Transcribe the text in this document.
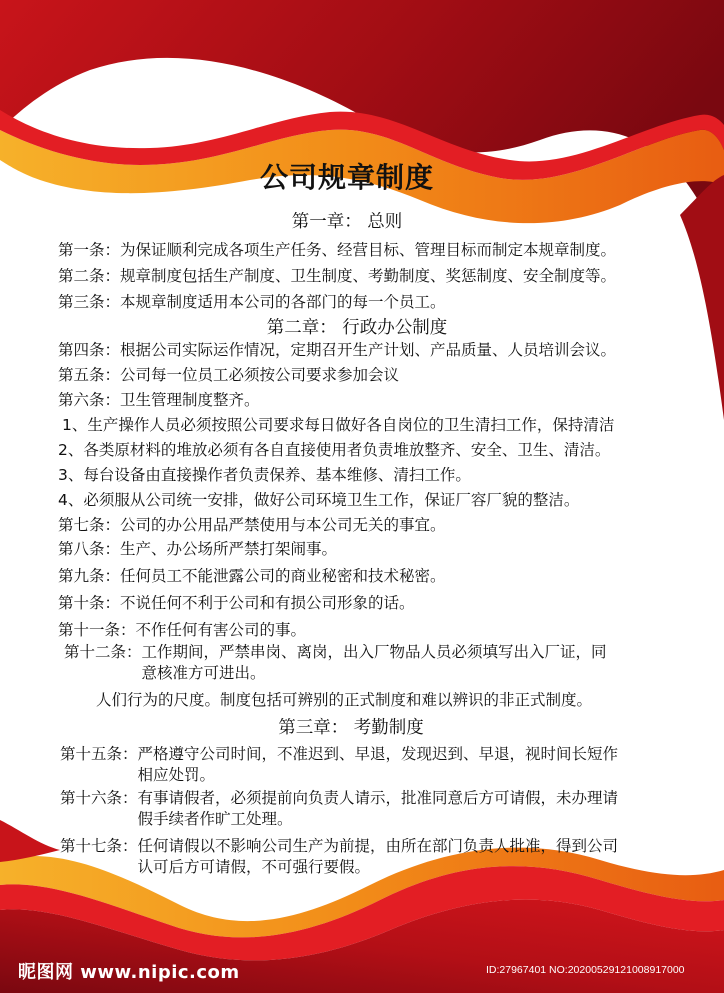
公司规章制度
第一章： 总则
第一条：为保证顺利完成各项生产任务、经营目标、管理目标而制定本规章制度。
第二条：规章制度包括生产制度、卫生制度、考勤制度、奖惩制度、安全制度等。
第三条：本规章制度适用本公司的各部门的每一个员工。
第二章： 行政办公制度
第四条：根据公司实际运作情况，定期召开生产计划、产品质量、人员培训会议。
第五条：公司每一位员工必须按公司要求参加会议
第六条：卫生管理制度整齐。
1、生产操作人员必须按照公司要求每日做好各自岗位的卫生清扫工作，保持清洁
2、各类原材料的堆放必须有各自直接使用者负责堆放整齐、安全、卫生、清洁。
3、每台设备由直接操作者负责保养、基本维修、清扫工作。
4、必须服从公司统一安排，做好公司环境卫生工作，保证厂容厂貌的整洁。
第七条：公司的办公用品严禁使用与本公司无关的事宜。
第八条：生产、办公场所严禁打架闹事。
第九条：任何员工不能泄露公司的商业秘密和技术秘密。
第十条：不说任何不利于公司和有损公司形象的话。
第十一条：不作任何有害公司的事。
第十二条： 工作期间，严禁串岗、离岗，出入厂物品人员必须填写出入厂证，同
意核准方可进出。
人们行为的尺度。制度包括可辨别的正式制度和难以辨识的非正式制度。
第三章： 考勤制度
第十五条： 严格遵守公司时间，不准迟到、早退，发现迟到、早退，视时间长短作
相应处罚。
第十六条： 有事请假者，必须提前向负责人请示，批准同意后方可请假，未办理请
假手续者作旷工处理。
第十七条： 任何请假以不影响公司生产为前提，由所在部门负责人批准，得到公司
认可后方可请假，不可强行要假。
昵图网 www.nipic.com	ID:27967401 NO:20200529121008917000
